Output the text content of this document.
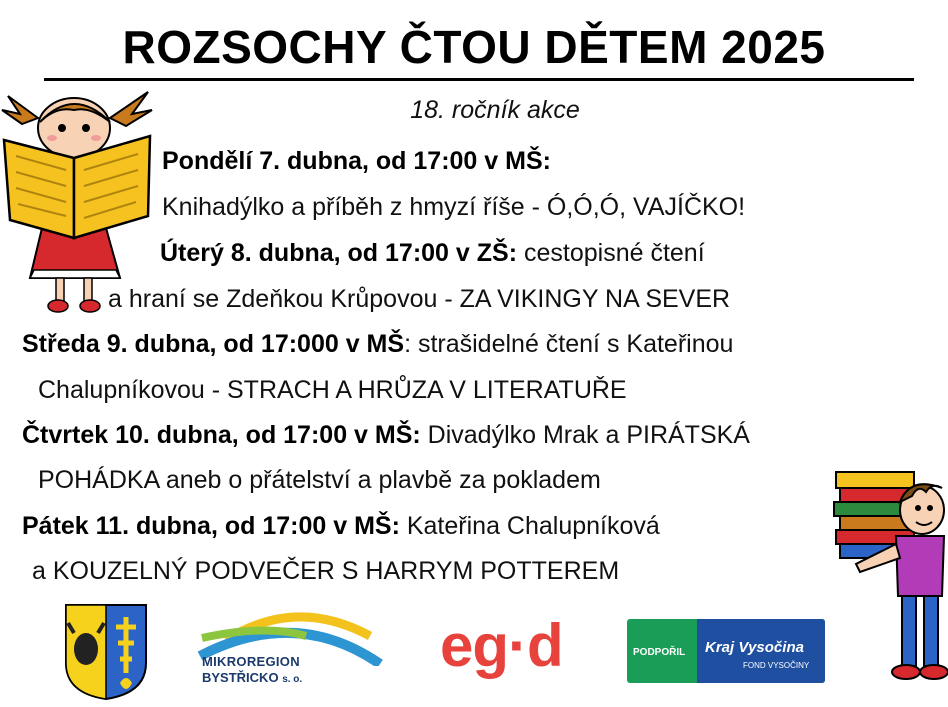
ROZSOCHY ČTOU DĚTEM 2025
18. ročník akce
Pondělí 7. dubna, od 17:00 v MŠ:
Knihadýlko a příběh z hmyzí říše - Ó,Ó,Ó, VAJÍČKO!
Úterý 8. dubna, od 17:00 v ZŠ: cestopisné čtení
a hraní se Zdeňkou Krůpovou - ZA VIKINGY NA SEVER
Středa 9. dubna, od 17:000 v MŠ: strašidelné čtení s Kateřinou
Chalupníkovou - STRACH A HRŮZA V LITERATUŘE
Čtvrtek 10. dubna, od 17:00 v MŠ: Divadýlko Mrak a PIRÁTSKÁ
POHÁDKA aneb o přátelství a plavbě za pokladem
Pátek 11. dubna, od 17:00 v MŠ: Kateřina Chalupníková
a KOUZELNÝ PODVEČER S HARRYM POTTEREM
MIKROREGION
BYSTŘICKO s. o.
eg·d	PODPOŘIL Kraj Vysočina
FOND VYSOČINY
